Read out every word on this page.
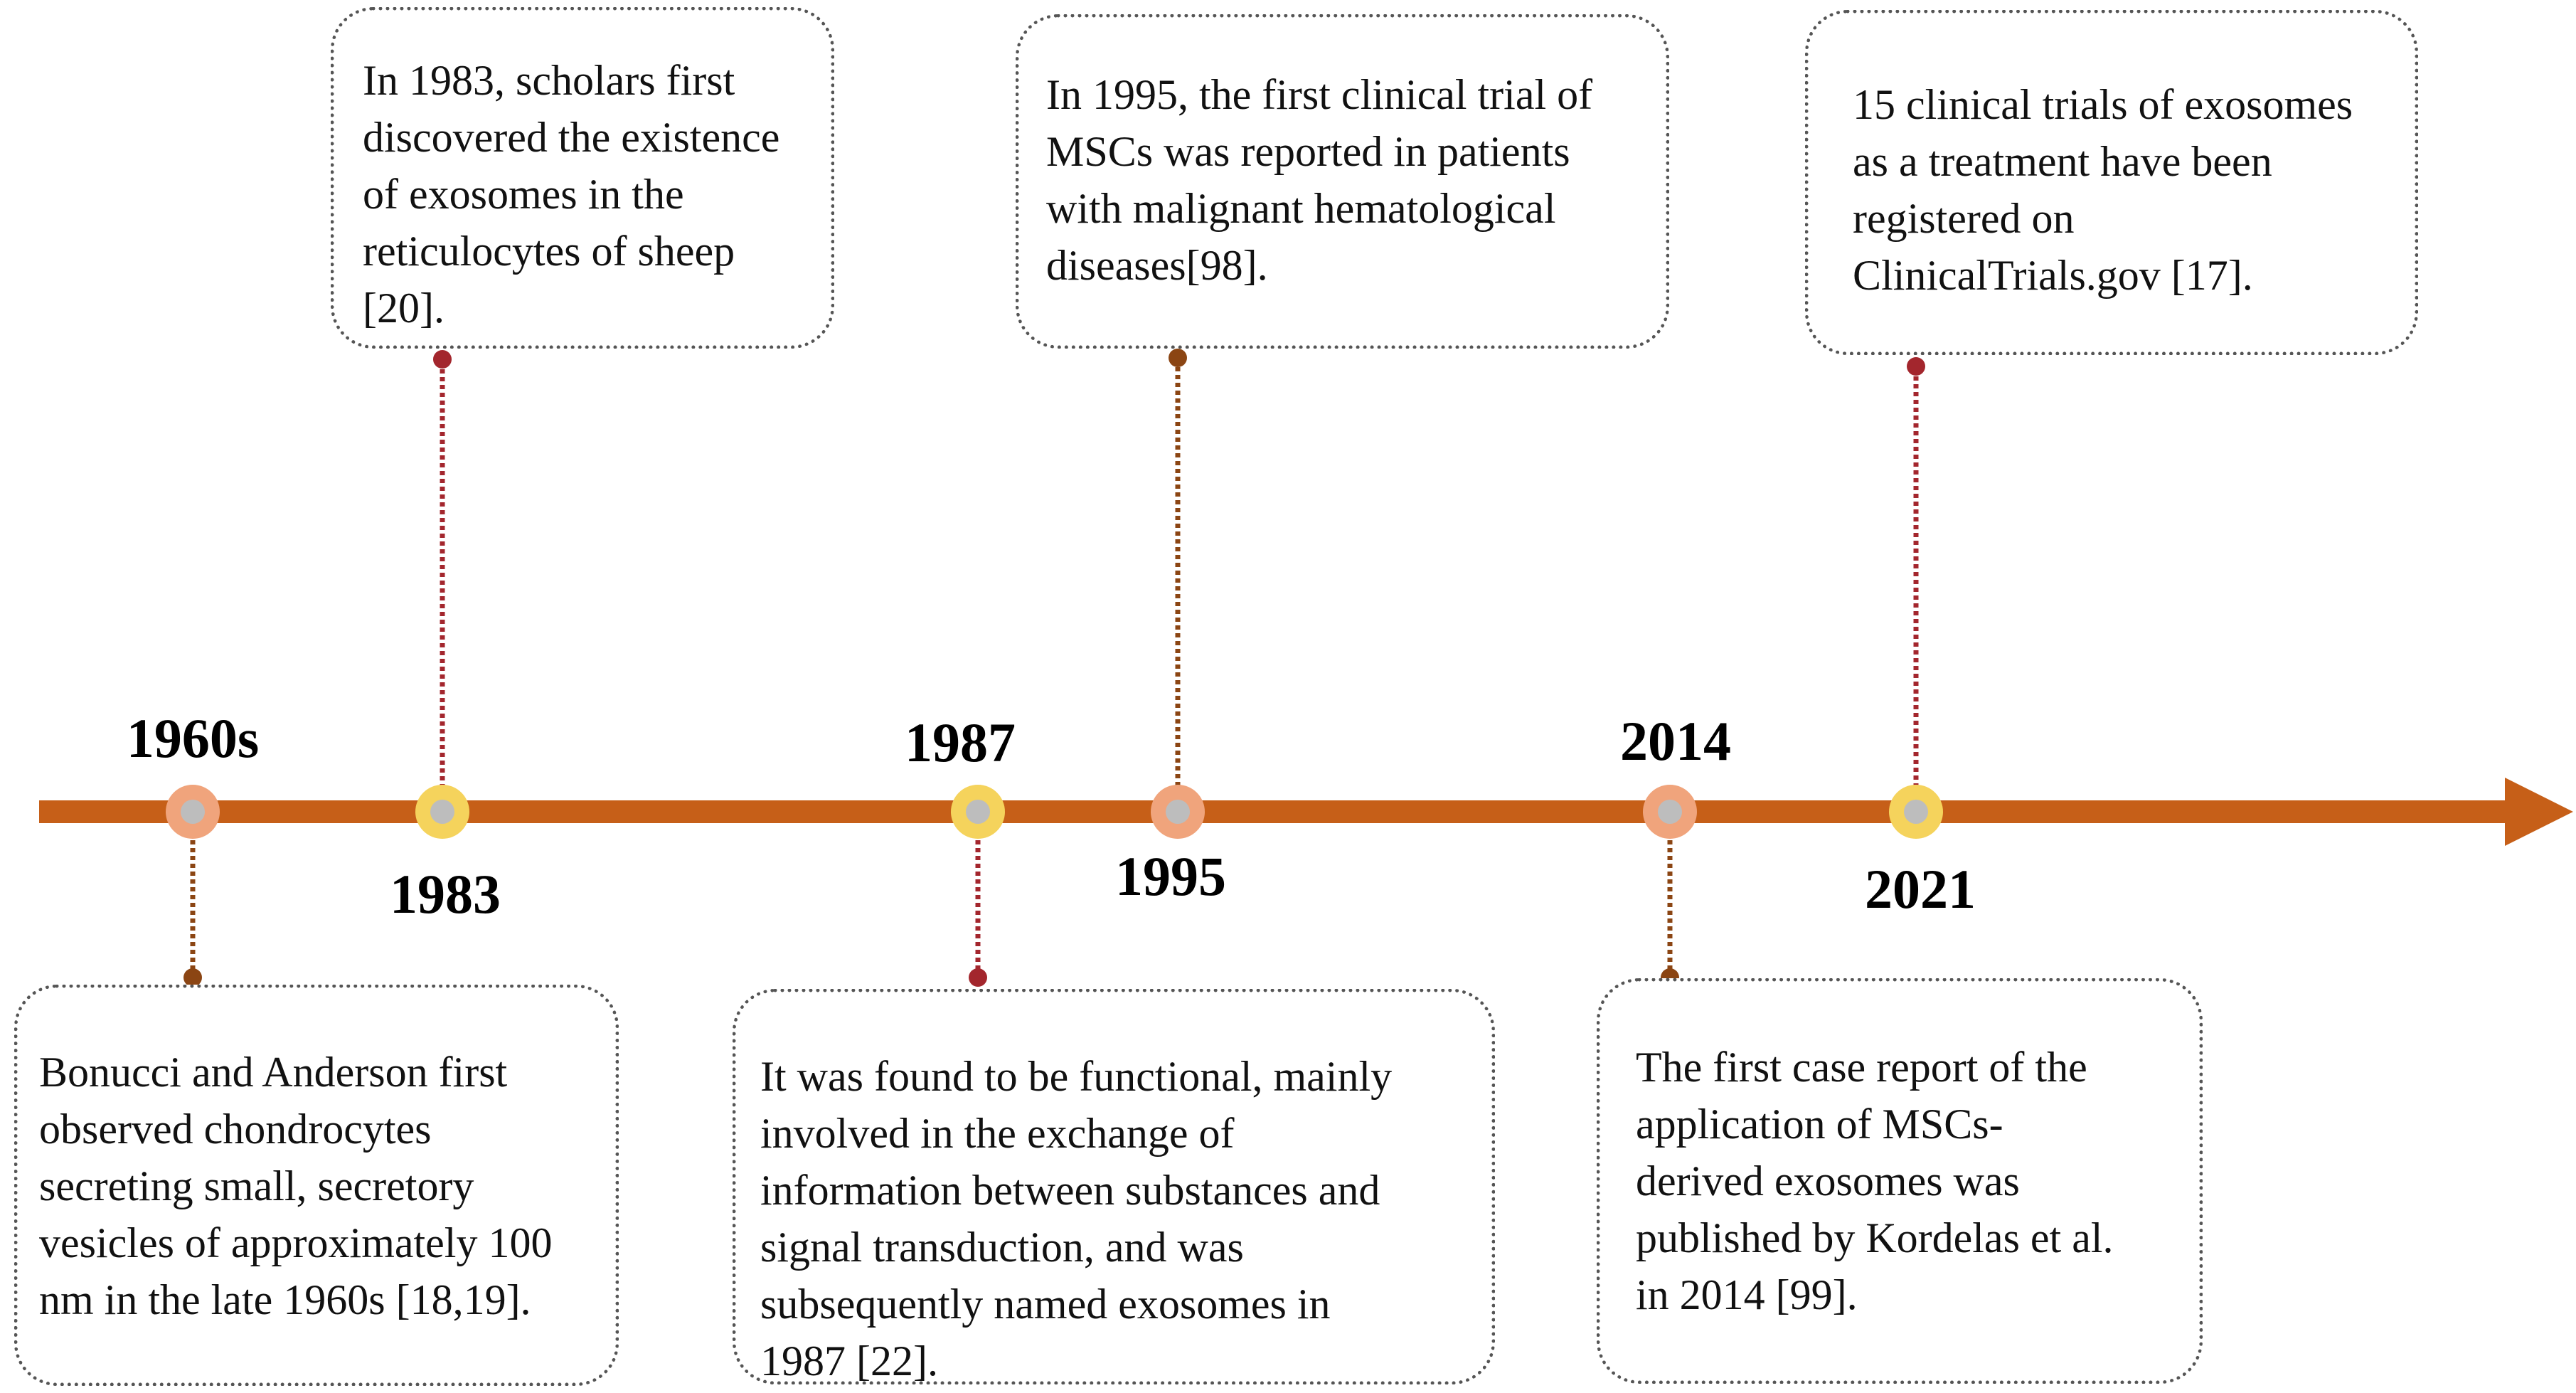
1960s
1983
1987
1995
2014
2021
Bonucci and Anderson first
observed chondrocytes
secreting small, secretory
vesicles of approximately 100
nm in the late 1960s [18,19].
In 1983, scholars first
discovered the existence
of exosomes in the
reticulocytes of sheep
[20].
It was found to be functional, mainly
involved in the exchange of
information between substances and
signal transduction, and was
subsequently named exosomes in
1987 [22].
In 1995, the first clinical trial of
MSCs was reported in patients
with malignant hematological
diseases[98].
The first case report of the
application of MSCs-
derived exosomes was
published by Kordelas et al.
in 2014 [99].
15 clinical trials of exosomes
as a treatment have been
registered on
ClinicalTrials.gov [17].
